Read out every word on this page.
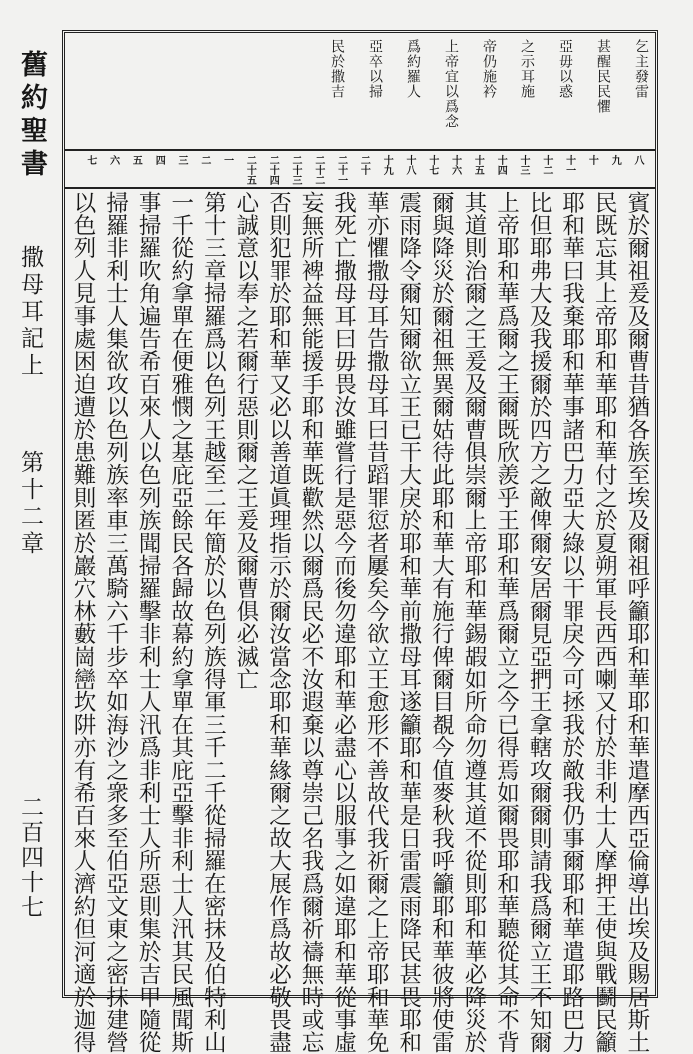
舊約聖書
撒母耳記上
第十二章
二百四十七
乞主發雷
甚醒民民懼
亞毋以惑
之示耳施
帝仍施衿
上帝宜以爲念
爲約羅人
亞卒以掃
民於撒吉
八
九
十
十一
十二
十三
十四
十五
十六
十七
十八
十九
二十
二十一
二十二
二十三
二十四
二十五
一
二
三
四
五
六
七
賓於爾祖爰及爾曹昔猶各族至埃及爾祖呼籲耶和華耶和華遣摩西亞倫導出埃及賜居斯土
民既忘其上帝耶和華耶和華付之於夏朔軍長西西喇又付於非利士人摩押王使與戰鬬民籲
耶和華曰我棄耶和華事諸巴力亞大綠以干罪戾今可拯我於敵我仍事爾耶和華遣耶路巴力
比但耶弗大及我援爾於四方之敵俾爾安居爾見亞捫王拿轄攻爾爾則請我爲爾立王不知爾
上帝耶和華爲爾之王爾既欣羨乎王耶和華爲爾立之今已得焉如爾畏耶和華聽從其命不背
其道則治爾之王爰及爾曹俱崇爾上帝耶和華錫嘏如所命勿遵其道不從則耶和華必降災於
爾與降災於爾祖無異爾姑待此耶和華大有施行俾爾目覩今值麥秋我呼籲耶和華彼將使雷
震雨降令爾知爾欲立王已干大戾於耶和華前撒母耳遂籲耶和華是日雷震雨降民甚畏耶和
華亦懼撒母耳告撒母耳曰昔蹈罪愆者屢矣今欲立王愈形不善故代我祈爾之上帝耶和華免
我死亡撒母耳曰毋畏汝雖嘗行是惡今而後勿違耶和華必盡心以服事之如違耶和華從事虛
妄無所裨益無能援手耶和華既歡然以爾爲民必不汝遐棄以尊崇己名我爲爾祈禱無時或忘
否則犯罪於耶和華又必以善道眞理指示於爾汝當念耶和華緣爾之故大展作爲故必敬畏盡
心誠意以奉之若爾行惡則爾之王爰及爾曹俱必滅亡
第十三章掃羅爲以色列王越至二年簡於以色列族得軍三千二千從掃羅在密抹及伯特利山
一千從約拿單在便雅憫之基庇亞餘民各歸故幕約拿單在其庇亞擊非利士人汛其民風聞斯
事掃羅吹角遍告希百來人以色列族聞掃羅擊非利士人汛爲非利士人所惡則集於吉甲隨從
掃羅非利士人集欲攻以色列族率車三萬騎六千步卒如海沙之衆多至伯亞文東之密抹建營
以色列人見事處困迫遭於患難則匿於巖穴林藪崗巒坎阱亦有希百來人濟約但河適於迦得
